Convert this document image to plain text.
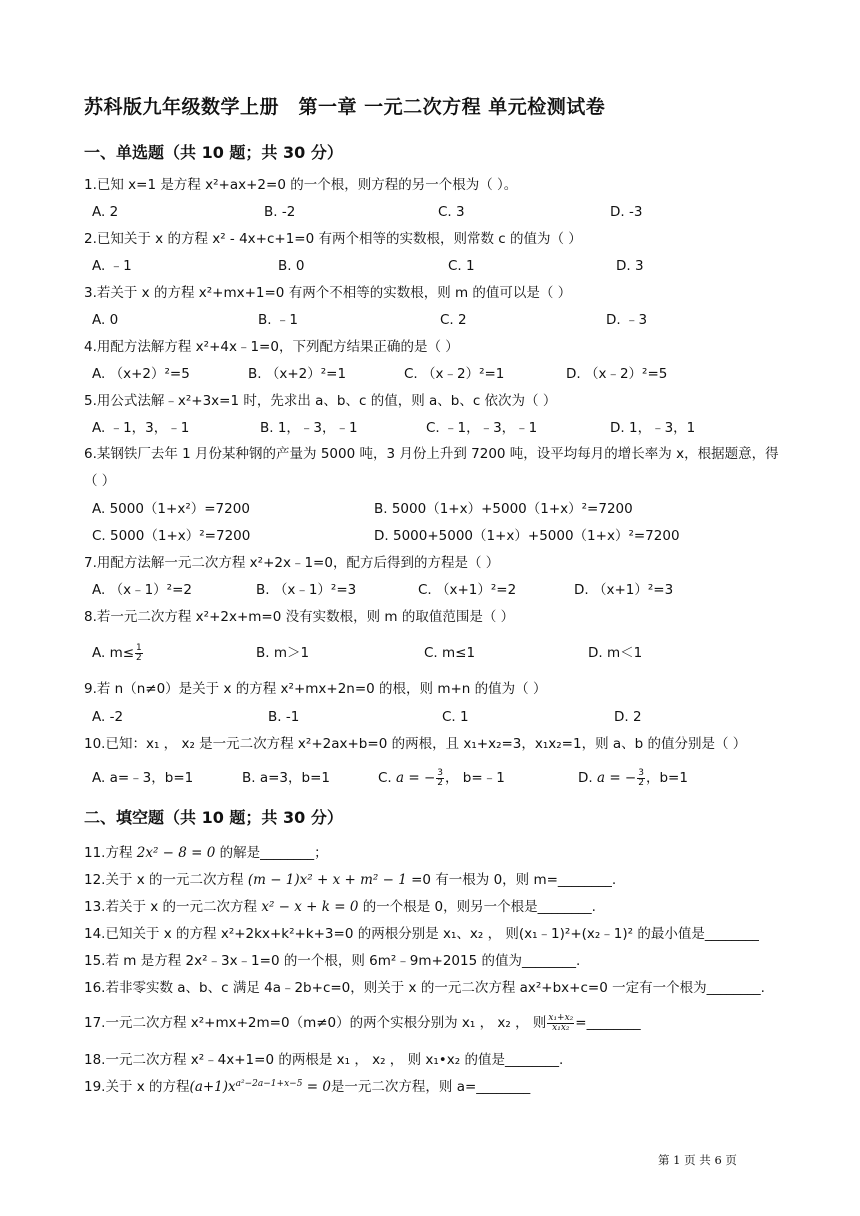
苏科版九年级数学上册　第一章 一元二次方程 单元检测试卷
一、单选题（共 10 题；共 30 分）
1.已知 x=1 是方程 x²+ax+2=0 的一个根，则方程的另一个根为（ ）。
A. 2	B. -2	C. 3	D. -3
2.已知关于 x 的方程 x² - 4x+c+1=0 有两个相等的实数根，则常数 c 的值为（ ）
A. ﹣1	B. 0	C. 1	D. 3
3.若关于 x 的方程 x²+mx+1=0 有两个不相等的实数根，则 m 的值可以是（ ）
A. 0	B. ﹣1	C. 2	D. ﹣3
4.用配方法解方程 x²+4x﹣1=0，下列配方结果正确的是（ ）
A. （x+2）²=5	B. （x+2）²=1	C. （x﹣2）²=1	D. （x﹣2）²=5
5.用公式法解﹣x²+3x=1 时，先求出 a、b、c 的值，则 a、b、c 依次为（ ）
A. ﹣1，3，﹣1	B. 1，﹣3，﹣1	C. ﹣1，﹣3，﹣1	D. 1，﹣3，1
6.某钢铁厂去年 1 月份某种钢的产量为 5000 吨，3 月份上升到 7200 吨，设平均每月的增长率为 x，根据题意，得（ ）
A. 5000（1+x²）=7200	B. 5000（1+x）+5000（1+x）²=7200
C. 5000（1+x）²=7200	D. 5000+5000（1+x）+5000（1+x）²=7200
7.用配方法解一元二次方程 x²+2x﹣1=0，配方后得到的方程是（ ）
A. （x﹣1）²=2	B. （x﹣1）²=3	C. （x+1）²=2	D. （x+1）²=3
8.若一元二次方程 x²+2x+m=0 没有实数根，则 m 的取值范围是（ ）
A. $m\le \frac{1}{2}$	B. m＞1	C. m≤1	D. m＜1
9.若 n（n≠0）是关于 x 的方程 x²+mx+2n=0 的根，则 m+n 的值为（ ）
A. -2	B. -1	C. 1	D. 2
10.已知：x₁ ， x₂ 是一元二次方程 x²+2ax+b=0 的两根，且 x₁+x₂=3，x₁x₂=1，则 a、b 的值分别是（ ）
A. a=﹣3，b=1	B. a=3，b=1	C. a = − $\frac{3}{2}$ ， b=﹣1	D. a = − $\frac{3}{2}$ ，b=1
二、填空题（共 10 题；共 30 分）
11.方程 2x² − 8 = 0 的解是________；
12.关于 x 的一元二次方程 (m − 1)x² + x + m² − 1 =0 有一根为 0，则 m=________.
13.若关于 x 的一元二次方程 x² − x + k = 0 的一个根是 0，则另一个根是________.
14.已知关于 x 的方程 x²+2kx+k²+k+3=0 的两根分别是 x₁、x₂ ， 则(x₁﹣1)²+(x₂﹣1)² 的最小值是________
15.若 m 是方程 2x²﹣3x﹣1=0 的一个根，则 6m²﹣9m+2015 的值为________.
16.若非零实数 a、b、c 满足 4a﹣2b+c=0，则关于 x 的一元二次方程 ax²+bx+c=0 一定有一个根为________.
17.一元二次方程 x²+mx+2m=0（m≠0）的两个实根分别为 x₁ ， x₂ ， 则 $\frac{\text{x₁+x₂}}{\text{x₁x₂}}$ =________
18.一元二次方程 x²﹣4x+1=0 的两根是 x₁ ， x₂ ， 则 x₁•x₂ 的值是________.
19.关于 x 的方程$(a+1)x^{a^2-2a-1+x-5} = 0$是一元二次方程，则 a=________
第 1 页 共 6 页
